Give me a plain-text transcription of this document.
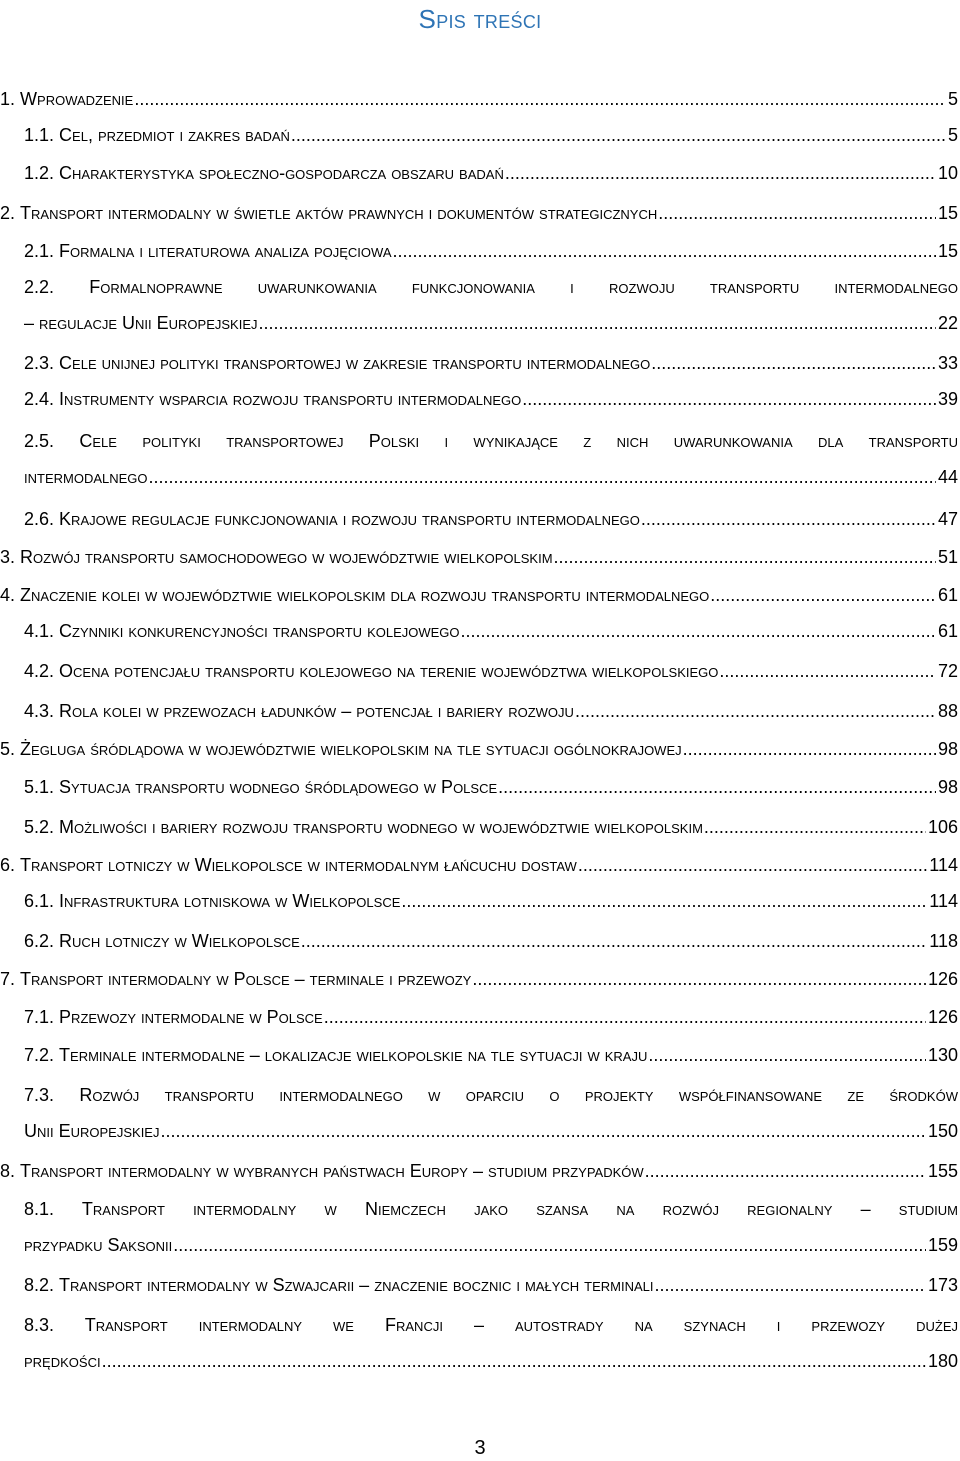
Spis treści
1.
Wprowadzenie .....	5
1.1.
Cel, przedmiot i zakres badań .....	5
1.2.
Charakterystyka społeczno-gospodarcza obszaru badań .....	10
2.
Transport intermodalny w świetle aktów prawnych i dokumentów strategicznych .....	15
2.1.
Formalna i literaturowa analiza pojęciowa .....	15
2.2. Formalnoprawne uwarunkowania funkcjonowania i rozwoju transportu intermodalnego
– regulacje Unii Europejskiej .....	22
2.3.
Cele unijnej polityki transportowej w zakresie transportu intermodalnego .....	33
2.4.
Instrumenty wsparcia rozwoju transportu intermodalnego .....	39
2.5. Cele polityki transportowej Polski i wynikające z nich uwarunkowania dla transportu
intermodalnego .....	44
2.6.
Krajowe regulacje funkcjonowania i rozwoju transportu intermodalnego .....	47
3.
Rozwój transportu samochodowego w województwie wielkopolskim .....	51
4.
Znaczenie kolei w województwie wielkopolskim dla rozwoju transportu intermodalnego .....	61
4.1.
Czynniki konkurencyjności transportu kolejowego .....	61
4.2.
Ocena potencjału transportu kolejowego na terenie województwa wielkopolskiego .....	72
4.3.
Rola kolei w przewozach ładunków – potencjał i bariery rozwoju .....	88
5.
Żegluga śródlądowa w województwie wielkopolskim na tle sytuacji ogólnokrajowej .....	98
5.1.
Sytuacja transportu wodnego śródlądowego w Polsce .....	98
5.2.
Możliwości i bariery rozwoju transportu wodnego w województwie wielkopolskim .....	106
6.
Transport lotniczy w Wielkopolsce w intermodalnym łańcuchu dostaw .....	114
6.1.
Infrastruktura lotniskowa w Wielkopolsce .....	114
6.2.
Ruch lotniczy w Wielkopolsce .....	118
7.
Transport intermodalny w Polsce – terminale i przewozy .....	126
7.1.
Przewozy intermodalne w Polsce .....	126
7.2.
Terminale intermodalne – lokalizacje wielkopolskie na tle sytuacji w kraju .....	130
7.3. Rozwój transportu intermodalnego w oparciu o projekty współfinansowane ze środków
Unii Europejskiej .....	150
8.
Transport intermodalny w wybranych państwach Europy – studium przypadków .....	155
8.1. Transport intermodalny w Niemczech jako szansa na rozwój regionalny – studium
przypadku Saksonii .....	159
8.2.
Transport intermodalny w Szwajcarii – znaczenie bocznic i małych terminali .....	173
8.3. Transport intermodalny we Francji – autostrady na szynach i przewozy dużej
prędkości .....	180
3
